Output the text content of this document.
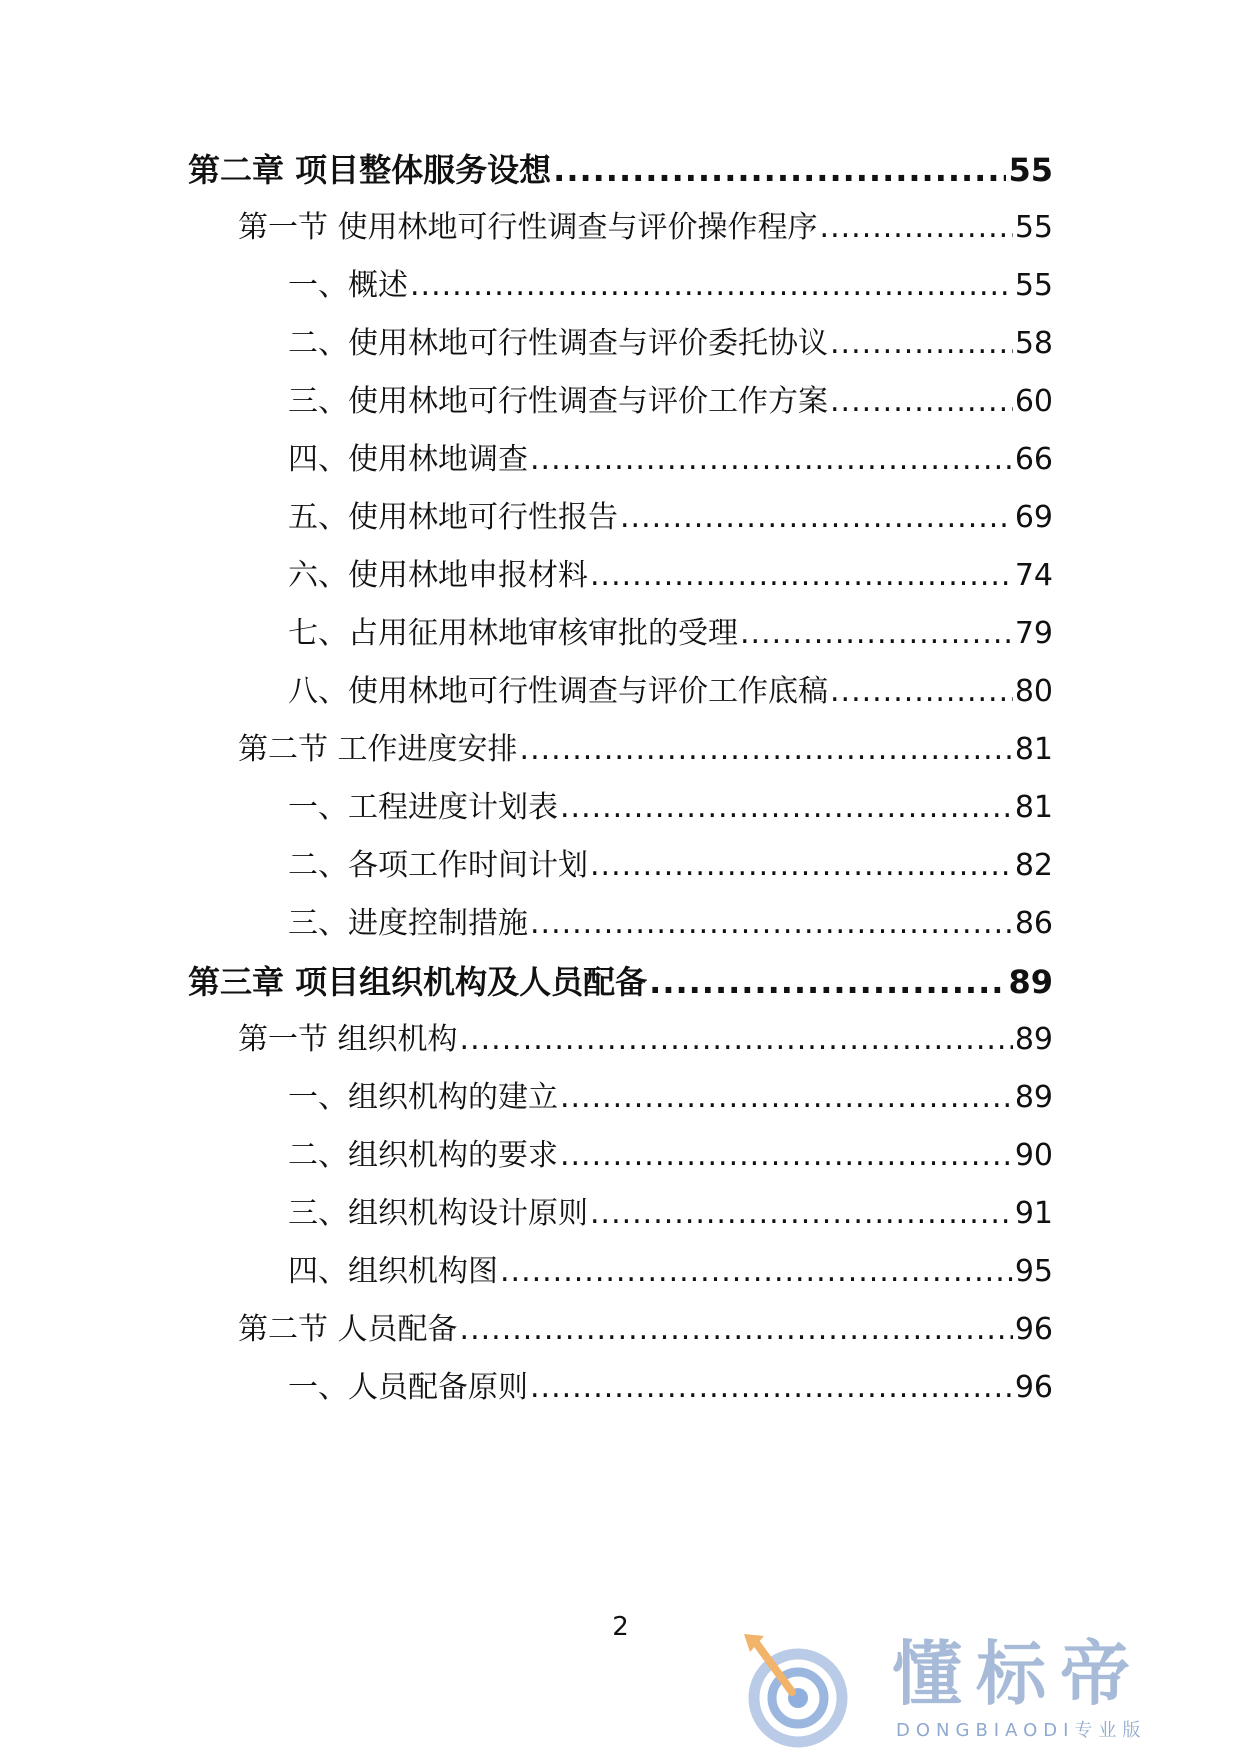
第二章 项目整体服务设想 .....	55
第一节 使用林地可行性调查与评价操作程序 .....	55
一、概述 .....	55
二、使用林地可行性调查与评价委托协议 .....	58
三、使用林地可行性调查与评价工作方案 .....	60
四、使用林地调查 .....	66
五、使用林地可行性报告 .....	69
六、使用林地申报材料 .....	74
七、占用征用林地审核审批的受理 .....	79
八、使用林地可行性调查与评价工作底稿 .....	80
第二节 工作进度安排 .....	81
一、工程进度计划表 .....	81
二、各项工作时间计划 .....	82
三、进度控制措施 .....	86
第三章 项目组织机构及人员配备 .....	89
第一节 组织机构 .....	89
一、组织机构的建立 .....	89
二、组织机构的要求 .....	90
三、组织机构设计原则 .....	91
四、组织机构图 .....	95
第二节 人员配备 .....	96
一、人员配备原则 .....	96
2
懂标帝
DONGBIAODI专业版
